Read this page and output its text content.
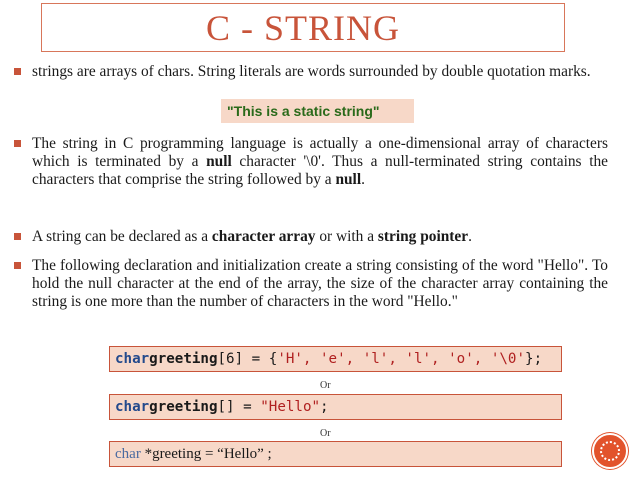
C - STRING
strings are arrays of chars. String literals are words surrounded by double quotation marks.
"This is a static string"
The string in C programming language is actually a one-dimensional array of characters which is terminated by a null character '\0'. Thus a null-terminated string contains the characters that comprise the string followed by a null.
A string can be declared as a character array or with a string pointer.
The following declaration and initialization create a string consisting of the word "Hello". To hold the null character at the end of the array, the size of the character array containing the string is one more than the number of characters in the word "Hello."
char greeting [6] = { 'H', 'e', 'l', 'l', 'o', '\0' };
Or
char greeting [] = "Hello" ;
Or
char *greeting = “Hello” ;
